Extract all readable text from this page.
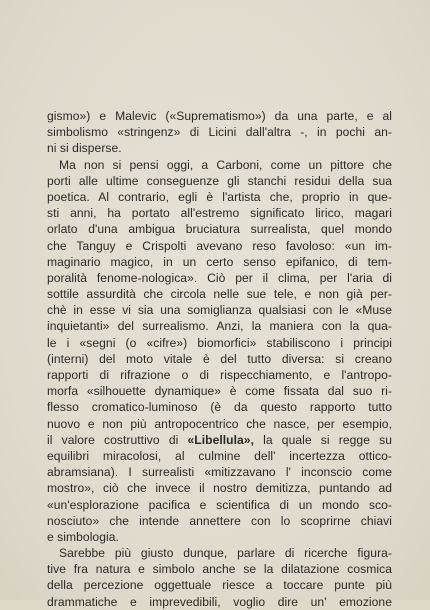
gismo») e Malevic («Suprematismo») da una parte, e al
simbolismo «stringenz» di Licini dall'altra -, in pochi an-
ni si disperse.
Ma non si pensi oggi, a Carboni, come un pittore che
porti alle ultime conseguenze gli stanchi residui della sua
poetica. Al contrario, egli è l'artista che, proprio in que-
sti anni, ha portato all'estremo significato lirico, magari
orlato d'una ambigua bruciatura surrealista, quel mondo
che Tanguy e Crispolti avevano reso favoloso: «un im-
maginario magico, in un certo senso epifanico, di tem-
poralità fenome-nologica». Ciò per il clima, per l'aria di
sottile assurdità che circola nelle sue tele, e non già per-
chè in esse vi sia una somiglianza qualsiasi con le «Muse
inquietanti» del surrealismo. Anzi, la maniera con la qua-
le i «segni (o «cifre») biomorfici» stabiliscono i principi
(interni) del moto vitale è del tutto diversa: si creano
rapporti di rifrazione o di rispecchiamento, e l'antropo-
morfa «silhouette dynamique» è come fissata dal suo ri-
flesso cromatico-luminoso (è da questo rapporto tutto
nuovo e non più antropocentrico che nasce, per esempio,
il valore costruttivo di «Libellula», la quale si regge su
equilibri miracolosi, al culmine dell' incertezza ottico-
abramsiana). I surrealisti «mitizzavano l' inconscio come
mostro», ciò che invece il nostro demitizza, puntando ad
«un'esplorazione pacifica e scientifica di un mondo sco-
nosciuto» che intende annettere con lo scoprirne chiavi
e simbologia.
Sarebbe più giusto dunque, parlare di ricerche figura-
tive fra natura e simbolo anche se la dilatazione cosmica
della percezione oggettuale riesce a toccare punte più
drammatiche e imprevedibili, voglio dire un' emozione
